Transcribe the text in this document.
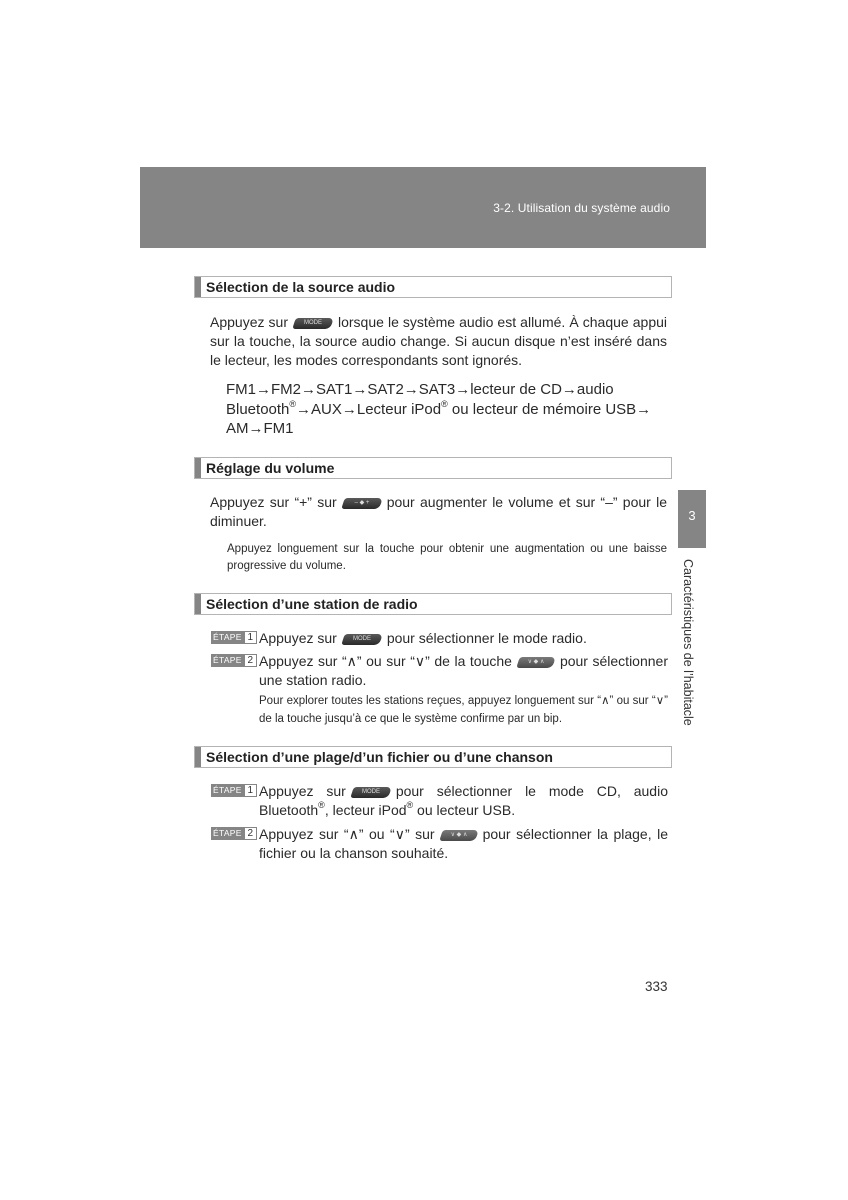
3-2. Utilisation du système audio
3
Caractéristiques de l’habitacle
Sélection de la source audio
Appuyez sur	MODE	lorsque le système audio est allumé. À chaque appui sur la touche, la source audio change. Si aucun disque n’est inséré dans le lecteur, les modes correspondants sont ignorés.
FM1→FM2→SAT1→SAT2→SAT3→lecteur de CD→audio
Bluetooth®→AUX→Lecteur iPod® ou lecteur de mémoire USB→
AM→FM1
Réglage du volume
Appuyez sur “+” sur	– ◆ +	pour augmenter le volume et sur “–” pour le diminuer.
Appuyez longuement sur la touche pour obtenir une augmentation ou une baisse progressive du volume.
Sélection d’une station de radio
ÉTAPE 1 Appuyez sur	MODE	pour sélectionner le mode radio.
ÉTAPE 2 Appuyez sur “∧” ou sur “∨” de la touche	∨ ◆ ∧	pour sélectionner une station radio.
Pour explorer toutes les stations reçues, appuyez longuement sur “∧” ou sur “∨” de la touche jusqu’à ce que le système confirme par un bip.
Sélection d’une plage/d’un fichier ou d’une chanson
ÉTAPE 1 Appuyez sur	MODE	pour sélectionner le mode CD, audio Bluetooth®, lecteur iPod® ou lecteur USB.
ÉTAPE 2 Appuyez sur “∧” ou “∨” sur	∨ ◆ ∧	pour sélectionner la plage, le fichier ou la chanson souhaité.
333
